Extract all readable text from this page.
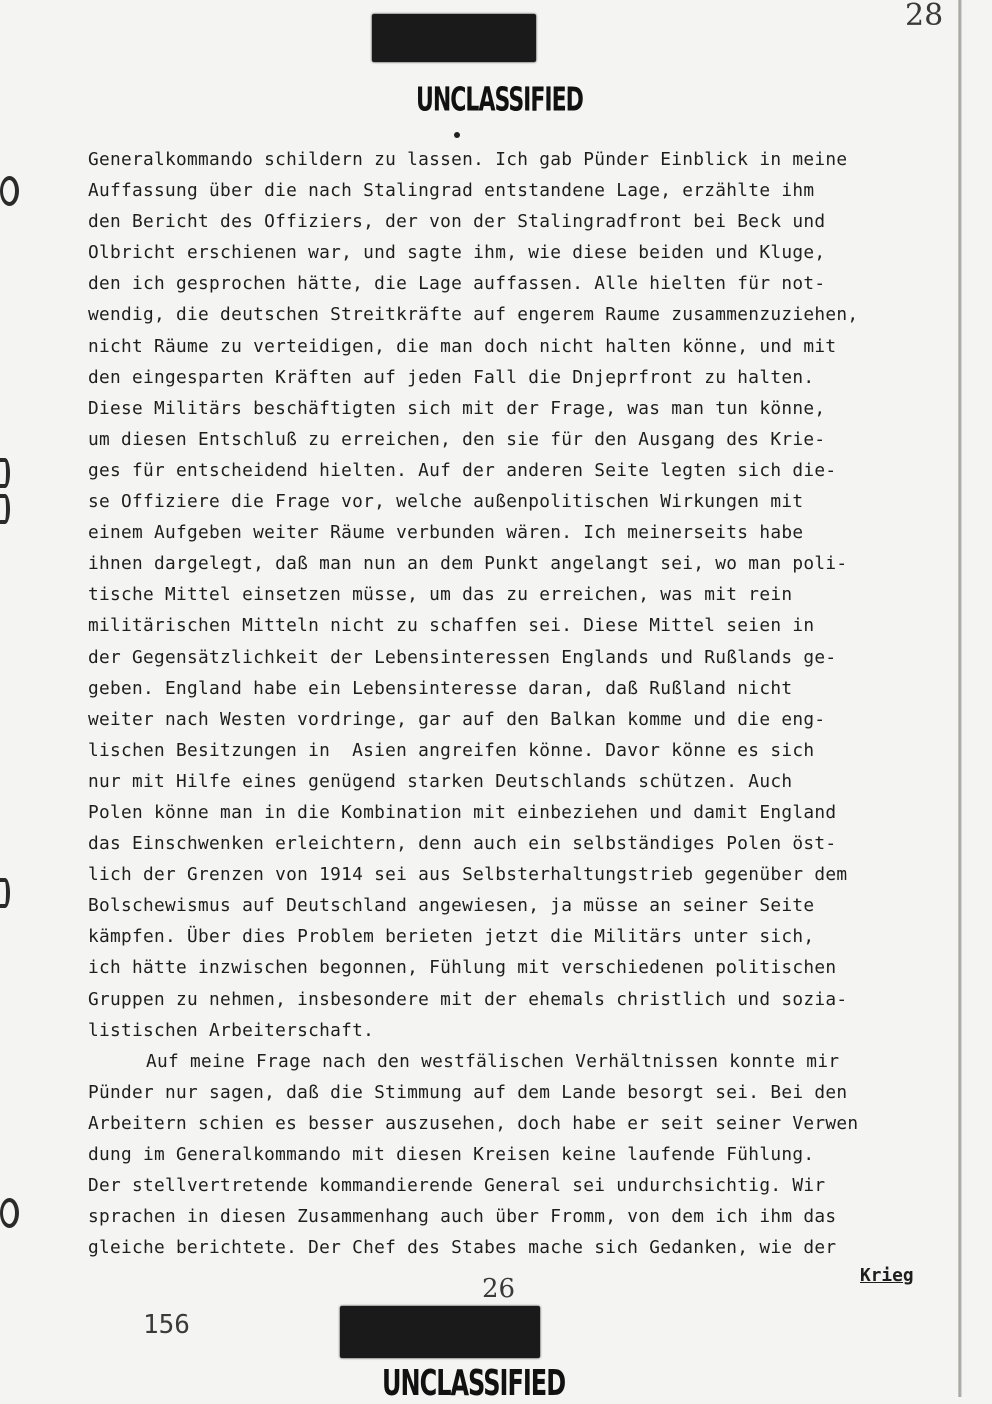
28
UNCLASSIFIED
Generalkommando schildern zu lassen. Ich gab Pünder Einblick in meine
Auffassung über die nach Stalingrad entstandene Lage, erzählte ihm
den Bericht des Offiziers, der von der Stalingradfront bei Beck und
Olbricht erschienen war, und sagte ihm, wie diese beiden und Kluge,
den ich gesprochen hätte, die Lage auffassen. Alle hielten für not-
wendig, die deutschen Streitkräfte auf engerem Raume zusammenzuziehen,
nicht Räume zu verteidigen, die man doch nicht halten könne, und mit
den eingesparten Kräften auf jeden Fall die Dnjeprfront zu halten.
Diese Militärs beschäftigten sich mit der Frage, was man tun könne,
um diesen Entschluß zu erreichen, den sie für den Ausgang des Krie-
ges für entscheidend hielten. Auf der anderen Seite legten sich die-
se Offiziere die Frage vor, welche außenpolitischen Wirkungen mit
einem Aufgeben weiter Räume verbunden wären. Ich meinerseits habe
ihnen dargelegt, daß man nun an dem Punkt angelangt sei, wo man poli-
tische Mittel einsetzen müsse, um das zu erreichen, was mit rein
militärischen Mitteln nicht zu schaffen sei. Diese Mittel seien in
der Gegensätzlichkeit der Lebensinteressen Englands und Rußlands ge-
geben. England habe ein Lebensinteresse daran, daß Rußland nicht
weiter nach Westen vordringe, gar auf den Balkan komme und die eng-
lischen Besitzungen in  Asien angreifen könne. Davor könne es sich
nur mit Hilfe eines genügend starken Deutschlands schützen. Auch
Polen könne man in die Kombination mit einbeziehen und damit England
das Einschwenken erleichtern, denn auch ein selbständiges Polen öst-
lich der Grenzen von 1914 sei aus Selbsterhaltungstrieb gegenüber dem
Bolschewismus auf Deutschland angewiesen, ja müsse an seiner Seite
kämpfen. Über dies Problem berieten jetzt die Militärs unter sich,
ich hätte inzwischen begonnen, Fühlung mit verschiedenen politischen
Gruppen zu nehmen, insbesondere mit der ehemals christlich und sozia-
listischen Arbeiterschaft.
Auf meine Frage nach den westfälischen Verhältnissen konnte mir
Pünder nur sagen, daß die Stimmung auf dem Lande besorgt sei. Bei den
Arbeitern schien es besser auszusehen, doch habe er seit seiner Verwen
dung im Generalkommando mit diesen Kreisen keine laufende Fühlung.
Der stellvertretende kommandierende General sei undurchsichtig. Wir
sprachen in diesen Zusammenhang auch über Fromm, von dem ich ihm das
gleiche berichtete. Der Chef des Stabes mache sich Gedanken, wie der
Krieg
26
156
UNCLASSIFIED
